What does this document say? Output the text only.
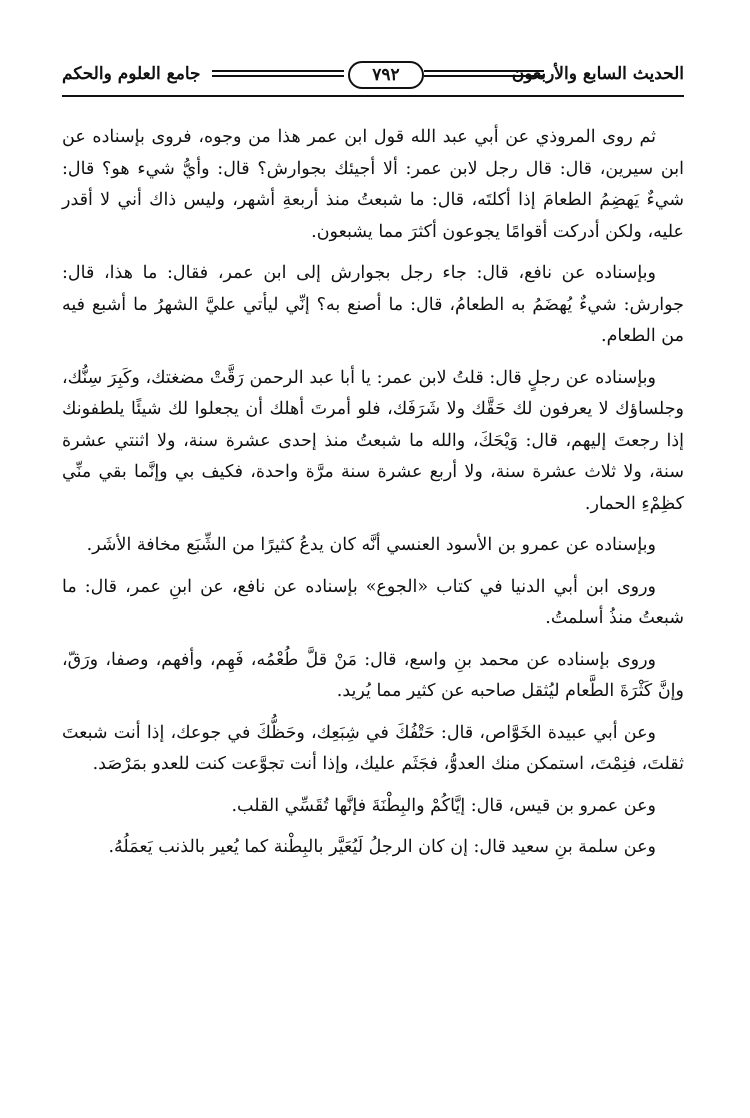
الحديث السابع والأربعون
٧٩٢
جامع العلوم والحكم

ثم روى المروذي عن أبي عبد الله قول ابن عمر هذا من وجوه، فروى بإسناده عن ابن سيرين، قال: قال رجل لابن عمر: ألا أجيئك بجوارش؟ قال: وأيُّ شيء هو؟ قال: شيءٌ يَهضِمُ الطعامَ إذا أكلتَه، قال: ما شبعتُ منذ أربعةِ أشهر، وليس ذاك أني لا أقدر عليه، ولكن أدركت أقوامًا يجوعون أكثرَ مما يشبعون.

وبإسناده عن نافع، قال: جاء رجل بجوارش إلى ابن عمر، فقال: ما هذا، قال: جوارش: شيءٌ يُهضَمُ به الطعامُ، قال: ما أصنع به؟ إنِّي ليأتي عليَّ الشهرُ ما أشبع فيه من الطعام.

وبإسناده عن رجلٍ قال: قلتُ لابن عمر: يا أبا عبد الرحمن رَقَّتْ مضغتك، وكَبِرَ سِنُّك، وجلساؤك لا يعرفون لك حَقَّك ولا شَرَفَك، فلو أمرتَ أهلك أن يجعلوا لك شيئًا يلطفونك إذا رجعتَ إليهم، قال: وَيْحَكَ، والله ما شبعتُ منذ إحدى عشرة سنة، ولا اثنتي عشرة سنة، ولا ثلاث عشرة سنة، ولا أربع عشرة سنة مرَّة واحدة، فكيف بي وإنَّما بقي منِّي كظِمْءِ الحمار.

وبإسناده عن عمرو بن الأسود العنسي أنَّه كان يدعُ كثيرًا من الشِّبَع مخافة الأشَر.

وروى ابن أبي الدنيا في كتاب «الجوع» بإسناده عن نافع، عن ابنِ عمر، قال: ما شبعتُ منذُ أسلمتُ.

وروى بإسناده عن محمد بنِ واسع، قال: مَنْ قلَّ طُعْمُه، فَهِم، وأفهم، وصفا، ورَقّ، وإنَّ كَثْرَةَ الطَّعام ليُثقل صاحبه عن كثير مما يُريد.

وعن أبي عبيدة الخَوَّاص، قال: حَتْفُكَ في شِبَعِك، وحَظُّكَ في جوعك، إذا أنت شبعتَ ثقلتَ، فنِمْتَ، استمكن منك العدوُّ، فجَثَم عليك، وإذا أنت تجوَّعت كنت للعدو بمَرْصَد.

وعن عمرو بن قيس، قال: إيَّاكُمْ والبِطْنَةَ فإنَّها تُقَسِّي القلب.

وعن سلمة بنِ سعيد قال: إن كان الرجلُ لَيُعَيَّر بالبِطْنة كما يُعير بالذنب يَعمَلُهُ.
